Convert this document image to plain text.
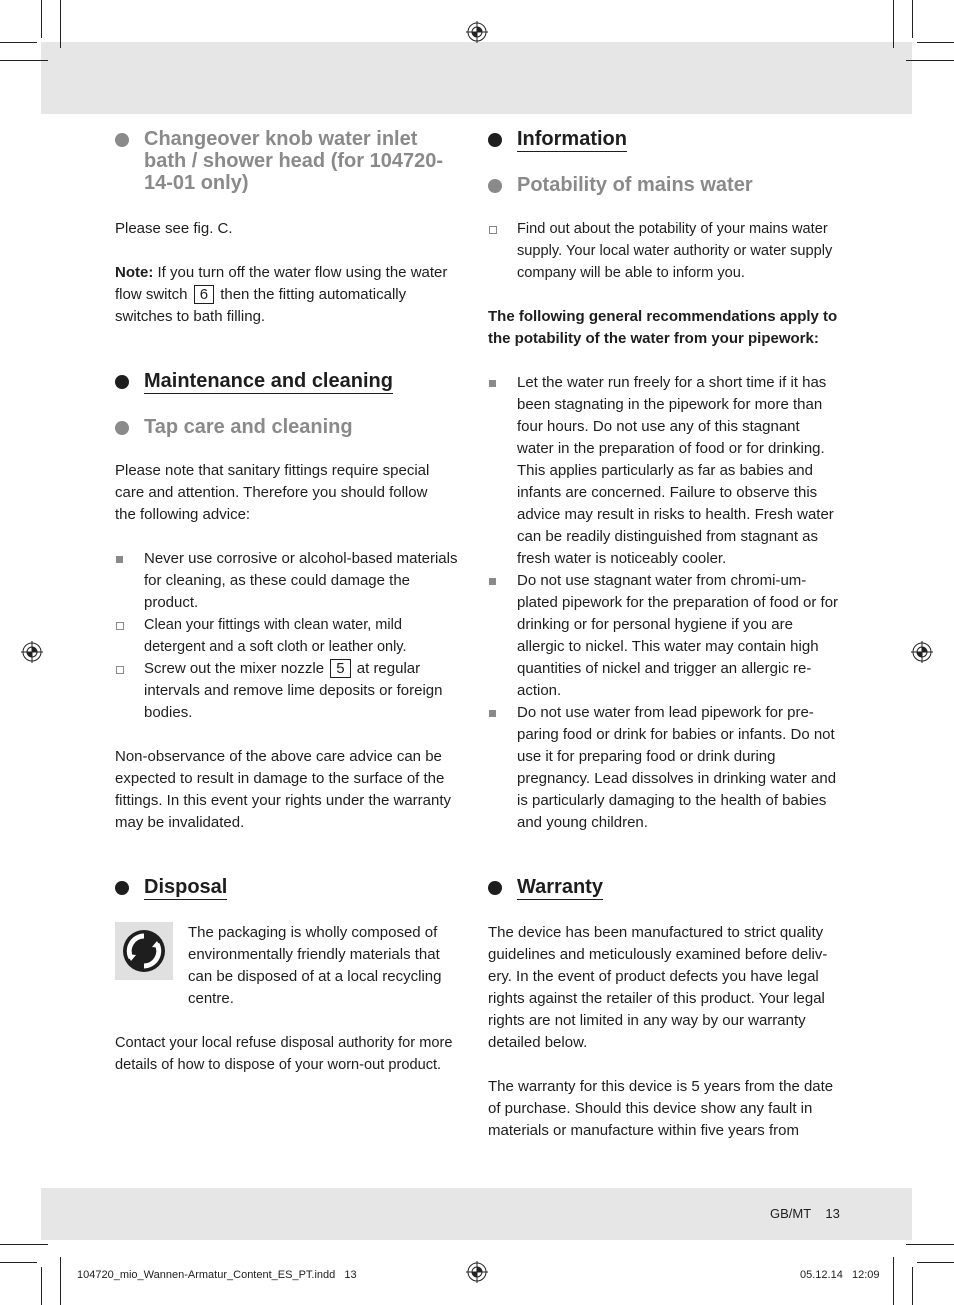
Changeover knob water inlet bath / shower head (for 104720-14-01 only)

Please see fig. C.

Note: If you turn off the water flow using the water flow switch 6 then the fitting automatically switches to bath filling.

Maintenance and cleaning
Tap care and cleaning

Please note that sanitary fittings require special care and attention. Therefore you should follow the following advice:

Never use corrosive or alcohol-based materials for cleaning, as these could damage the product.
Clean your fittings with clean water, mild detergent and a soft cloth or leather only.
Screw out the mixer nozzle 5 at regular intervals and remove lime deposits or foreign bodies.

Non-observance of the above care advice can be expected to result in damage to the surface of the fittings. In this event your rights under the warranty may be invalidated.

Disposal

The packaging is wholly composed of environmentally friendly materials that can be disposed of at a local recycling centre.

Contact your local refuse disposal authority for more details of how to dispose of your worn-out product.

Information
Potability of mains water
Find out about the potability of your mains water supply. Your local water authority or water supply company will be able to inform you.

The following general recommendations apply to the potability of the water from your pipework:

Let the water run freely for a short time if it has been stagnating in the pipework for more than four hours. Do not use any of this stagnant water in the preparation of food or for drinking. This applies particularly as far as babies and infants are concerned. Failure to observe this advice may result in risks to health. Fresh water can be readily distinguished from stagnant as fresh water is noticeably cooler.
Do not use stagnant water from chromi-um-plated pipework for the preparation of food or for drinking or for personal hygiene if you are allergic to nickel. This water may contain high quantities of nickel and trigger an allergic re-action.
Do not use water from lead pipework for pre-paring food or drink for babies or infants. Do not use it for preparing food or drink during pregnancy. Lead dissolves in drinking water and is particularly damaging to the health of babies and young children.
Warranty

The device has been manufactured to strict quality guidelines and meticulously examined before deliv-ery. In the event of product defects you have legal rights against the retailer of this product. Your legal rights are not limited in any way by our warranty detailed below.

The warranty for this device is 5 years from the date of purchase. Should this device show any fault in materials or manufacture within five years from

GB/MT    13
104720_mio_Wannen-Armatur_Content_ES_PT.indd   13	05.12.14   12:09
